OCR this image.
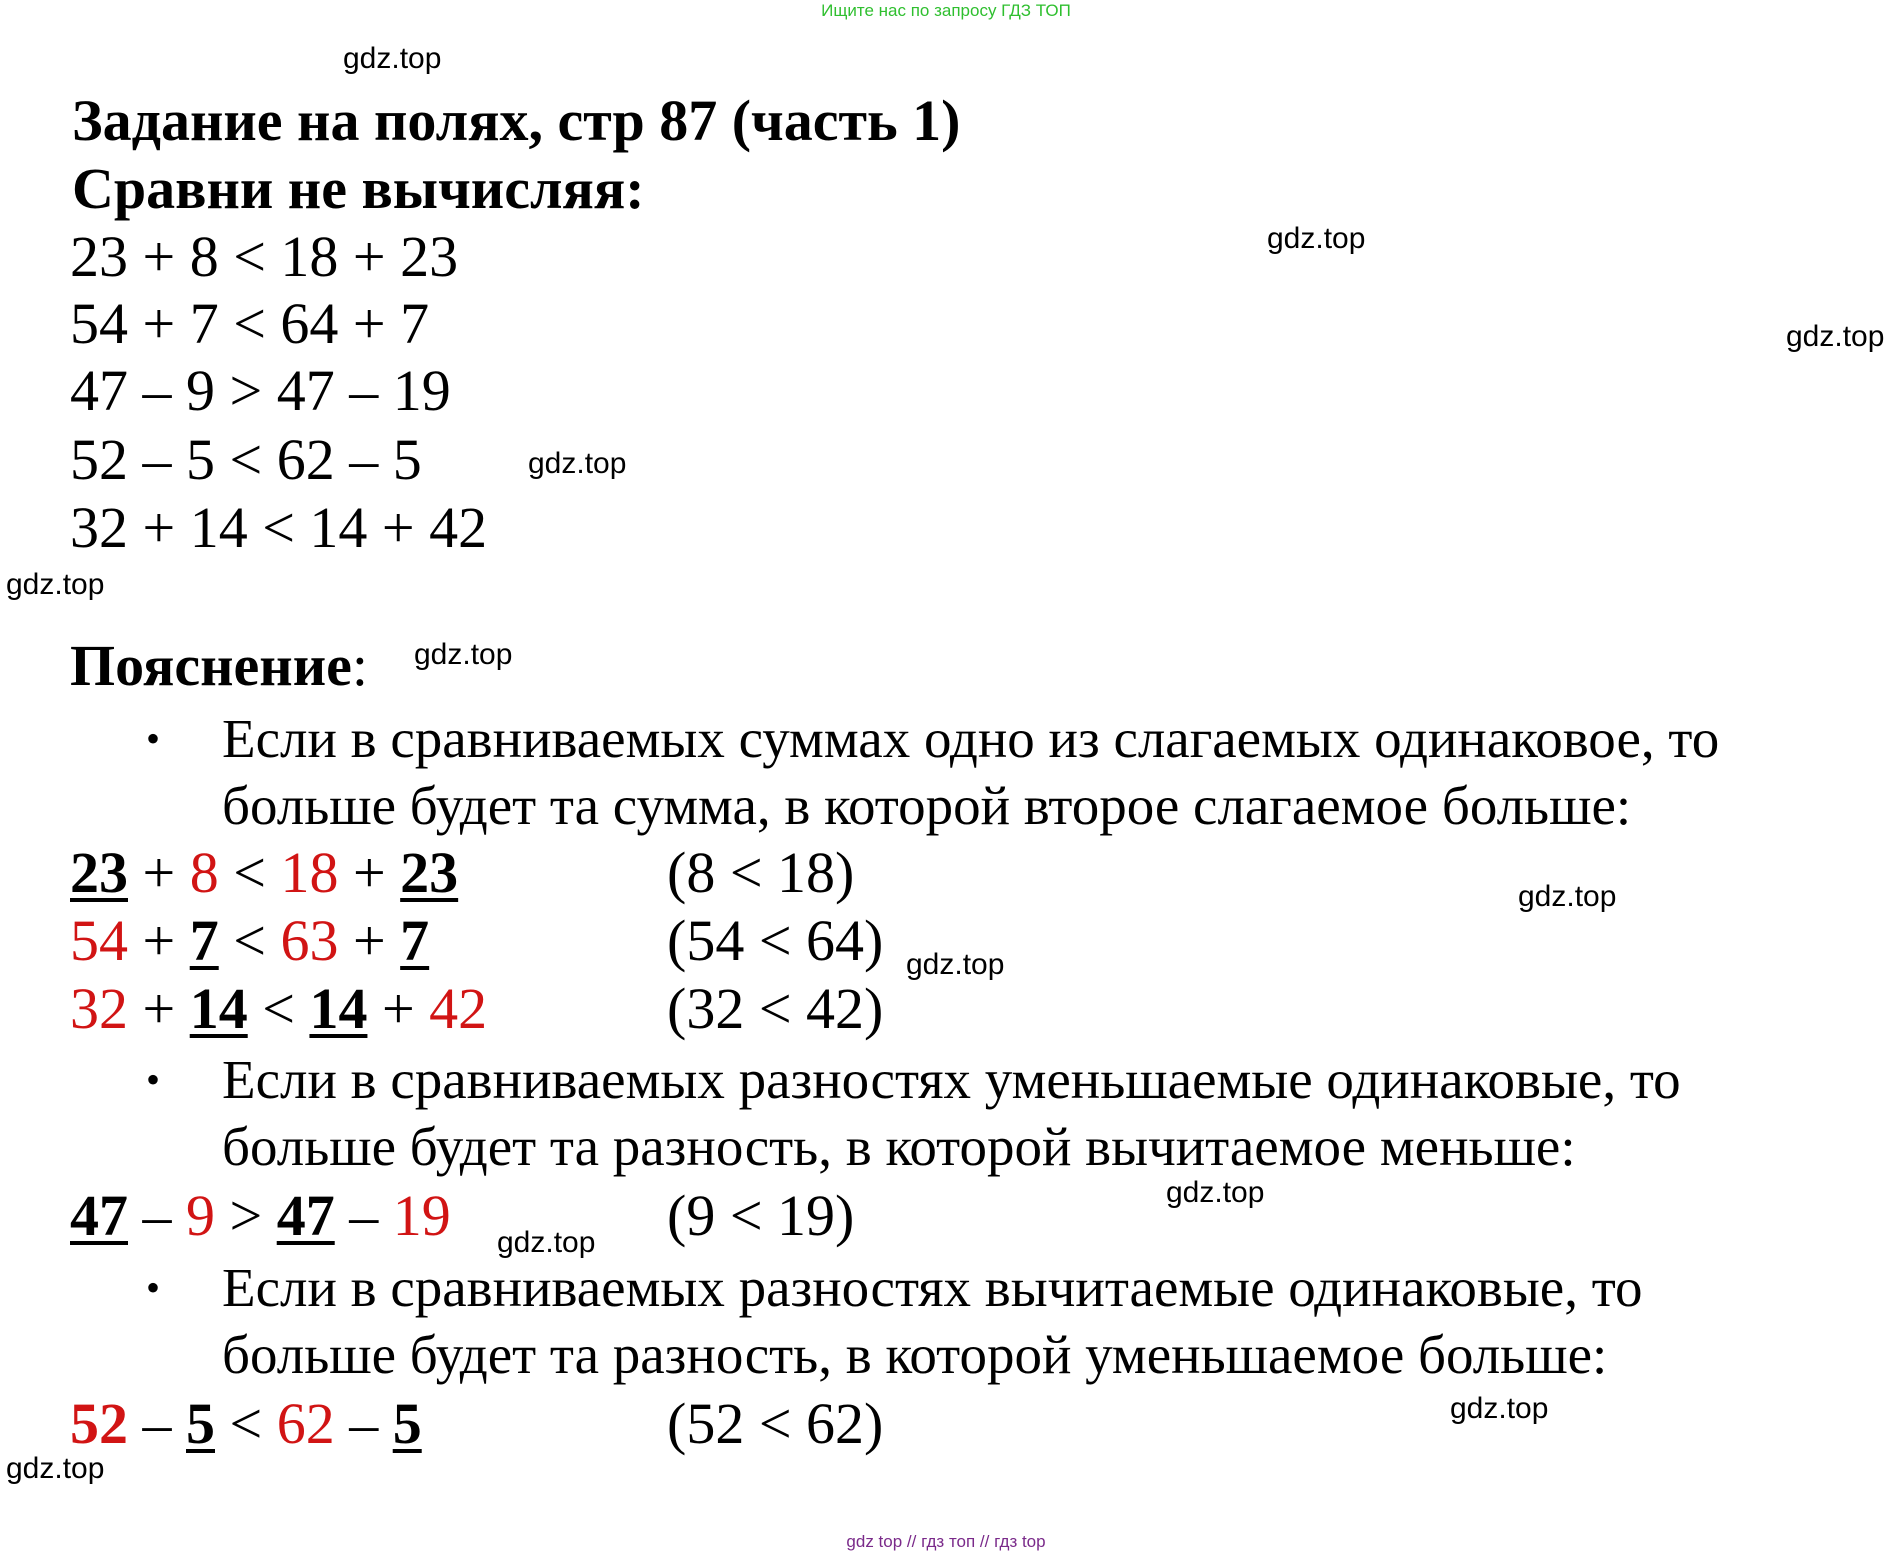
Ищите нас по запросу ГДЗ ТОП
gdz top // гдз топ // гдз top
gdz.top
gdz.top
gdz.top
gdz.top
gdz.top
gdz.top
gdz.top
gdz.top
gdz.top
gdz.top
gdz.top
gdz.top
Задание на полях, стр 87 (часть 1)
Сравни не вычисляя:
23 + 8 < 18 + 23
54 + 7 < 64 + 7
47 – 9 > 47 – 19
52 – 5 < 62 – 5
32 + 14 < 14 + 42
Пояснение:
• Если в сравниваемых суммах одно из слагаемых одинаковое, то
больше будет та сумма, в которой второе слагаемое больше:
23 + 8 < 18 + 23	(8 < 18)
54 + 7 < 63 + 7	(54 < 64)
32 + 14 < 14 + 42	(32 < 42)
• Если в сравниваемых разностях уменьшаемые одинаковые, то
больше будет та разность, в которой вычитаемое меньше:
47 – 9 > 47 – 19	(9 < 19)
• Если в сравниваемых разностях вычитаемые одинаковые, то
больше будет та разность, в которой уменьшаемое больше:
52 – 5 < 62 – 5	(52 < 62)
